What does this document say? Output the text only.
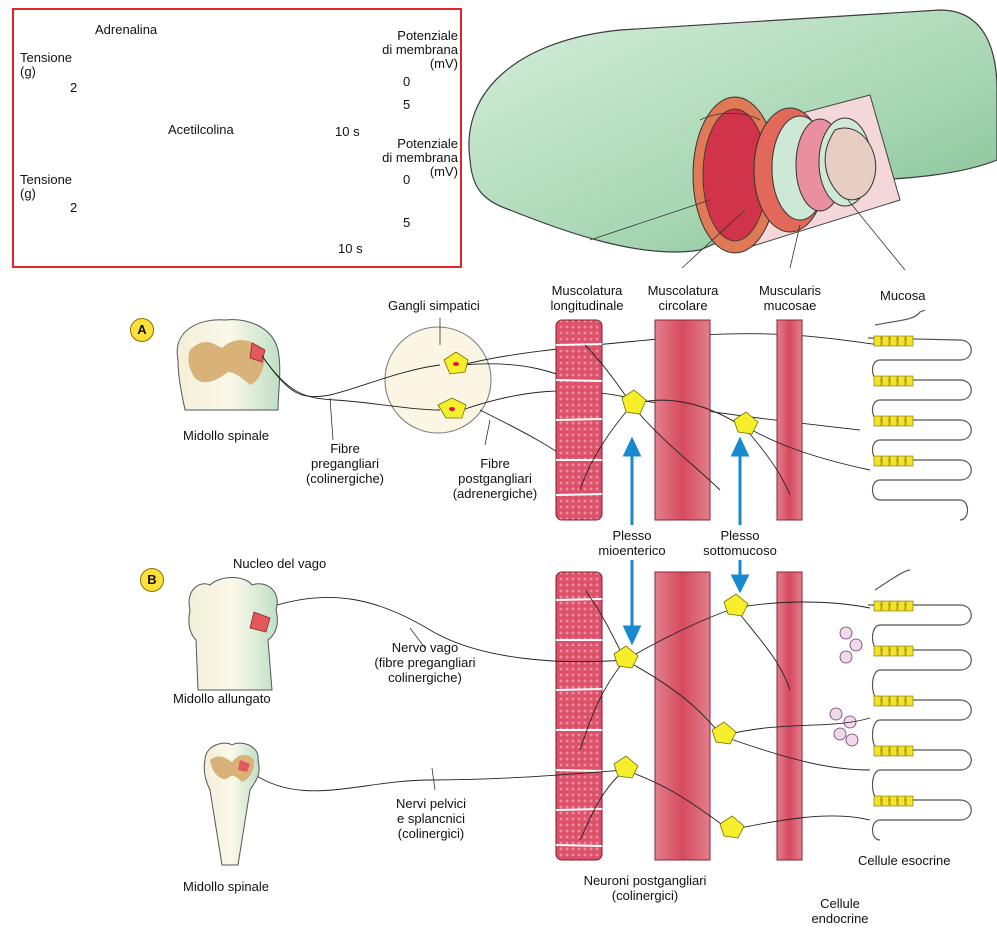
Adrenalina
Tensione
(g)
2
Potenziale
di membrana
(mV)
0
5
10 s
Acetilcolina
Tensione
(g)
2
Potenziale
di membrana
(mV)
0
5
10 s
Muscolatura
longitudinale
Muscolatura
circolare
Muscularis
mucosae
Mucosa
A
Gangli simpatici
Midollo spinale
Fibre
pregangliari
(colinergiche)
Fibre
postgangliari
(adrenergiche)
Plesso
mioenterico
Plesso
sottomucoso
B
Nucleo del vago
Midollo allungato
Nervo vago
(fibre pregangliari
colinergiche)
Midollo spinale
Nervi pelvici
e splancnici
(colinergici)
Neuroni postgangliari
(colinergici)
Cellule esocrine
Cellule
endocrine
